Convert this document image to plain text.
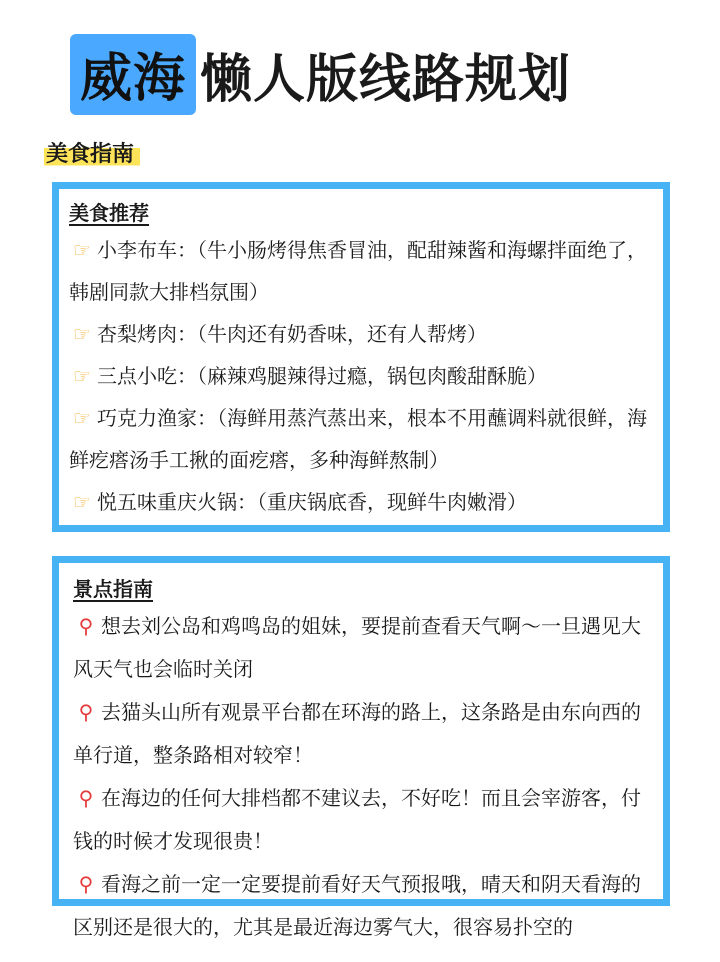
威海 懒人版线路规划
美食指南
美食推荐
☞ 小李布车：（牛小肠烤得焦香冒油，配甜辣酱和海螺拌面绝了，韩剧同款大排档氛围）
☞ 杏梨烤肉：（牛肉还有奶香味，还有人帮烤）
☞ 三点小吃：（麻辣鸡腿辣得过瘾，锅包肉酸甜酥脆）
☞ 巧克力渔家：（海鲜用蒸汽蒸出来，根本不用蘸调料就很鲜，海鲜疙瘩汤手工揪的面疙瘩，多种海鲜熬制）
☞ 悦五味重庆火锅：（重庆锅底香，现鲜牛肉嫩滑）
景点指南
⚲ 想去刘公岛和鸡鸣岛的姐妹，要提前查看天气啊～一旦遇见大风天气也会临时关闭
⚲ 去猫头山所有观景平台都在环海的路上，这条路是由东向西的单行道，整条路相对较窄！
⚲ 在海边的任何大排档都不建议去，不好吃！而且会宰游客，付钱的时候才发现很贵！
⚲ 看海之前一定一定要提前看好天气预报哦，晴天和阴天看海的区别还是很大的，尤其是最近海边雾气大，很容易扑空的
